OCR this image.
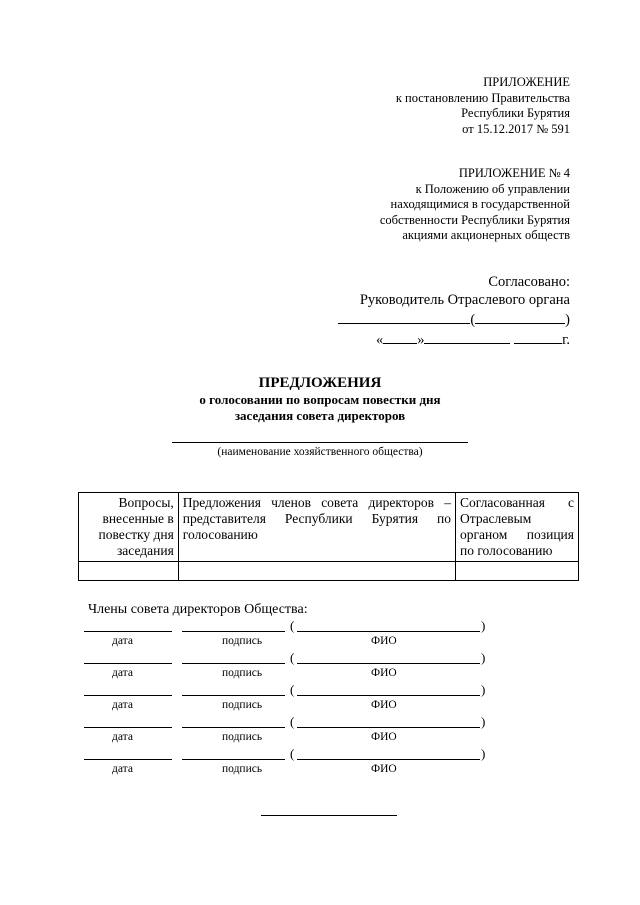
ПРИЛОЖЕНИЕ
к постановлению Правительства
Республики Бурятия
от 15.12.2017 № 591
ПРИЛОЖЕНИЕ № 4
к Положению об управлении
находящимися в государственной
собственности Республики Бурятия
акциями акционерных обществ
Согласовано:
Руководитель Отраслевого органа
(	)
« »	г.
ПРЕДЛОЖЕНИЯ
о голосовании по вопросам повестки дня
заседания совета директоров
(наименование хозяйственного общества)
Вопросы, внесенные в повестку дня заседания	Предложения членов совета директоров – представителя Республики Бурятия по голосованию	Согласованная с Отраслевым органом позиция по голосованию

Члены совета директоров Общества:
(	)
дата	подпись	ФИО
(	)
дата	подпись	ФИО
(	)
дата	подпись	ФИО
(	)
дата	подпись	ФИО
(	)
дата	подпись	ФИО
